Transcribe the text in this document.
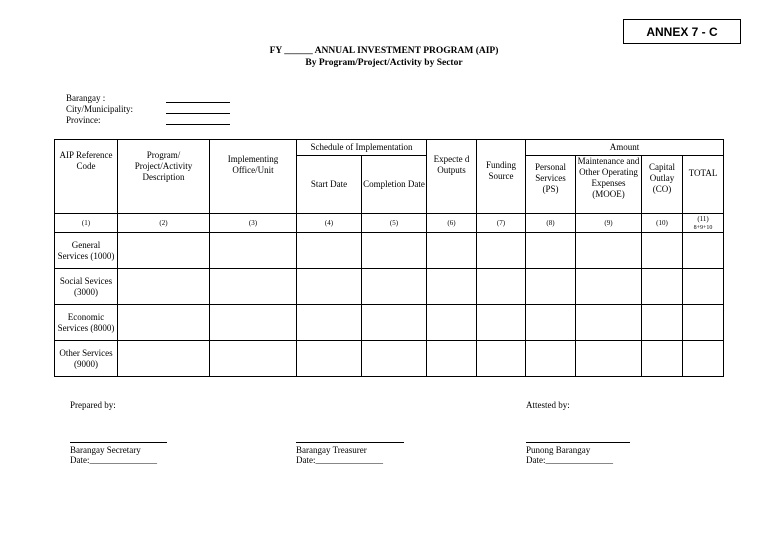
ANNEX 7 - C
FY ______ ANNUAL INVESTMENT PROGRAM (AIP)
By Program/Project/Activity by Sector
Barangay :
City/Municipality:
Province:
AIP Reference Code	Program/ Project/Activity Description	Implementing Office/Unit	Schedule of Implementation		Expecte d Outputs	Funding Source	Amount			
			Start Date	Completion Date			Personal Services (PS)	Maintenance and Other Operating Expenses (MOOE)	Capital Outlay (CO)	TOTAL
(1)	(2)	(3)	(4)	(5)	(6)	(7)	(8)	(9)	(10)	(11)
8+9+10

General Services (1000)										
Social Sevices (3000)										
Economic Services (8000)										
Other Services (9000)										
Prepared by:	Attested by:
Barangay Secretary
Date:_______________
Barangay Treasurer
Date:_______________
Punong Barangay
Date:_______________
